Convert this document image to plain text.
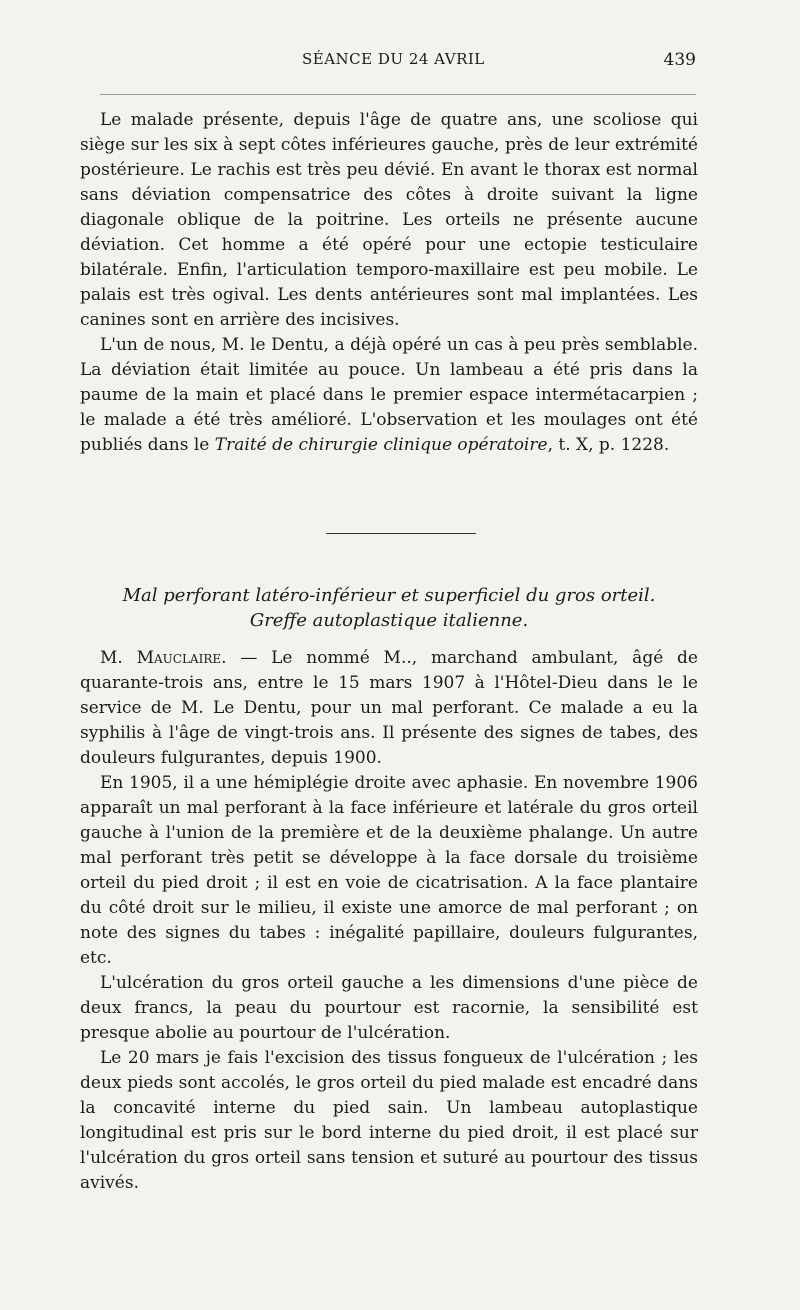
SÉANCE DU 24 AVRIL	439

Le malade présente, depuis l'âge de quatre ans, une scoliose qui siège sur les six à sept côtes inférieures gauche, près de leur extrémité postérieure. Le rachis est très peu dévié. En avant le thorax est normal sans déviation compensatrice des côtes à droite suivant la ligne diagonale oblique de la poitrine. Les orteils ne présente aucune déviation. Cet homme a été opéré pour une ectopie testiculaire bilatérale. Enfin, l'articulation temporo-maxillaire est peu mobile. Le palais est très ogival. Les dents antérieures sont mal implantées. Les canines sont en arrière des incisives.

L'un de nous, M. le Dentu, a déjà opéré un cas à peu près semblable. La déviation était limitée au pouce. Un lambeau a été pris dans la paume de la main et placé dans le premier espace intermétacarpien ; le malade a été très amélioré. L'observation et les moulages ont été publiés dans le Traité de chirurgie clinique opératoire, t. X, p. 1228.

Mal perforant latéro-inférieur et superficiel du gros orteil.
Greffe autoplastique italienne.

M. Mauclaire. — Le nommé M.., marchand ambulant, âgé de quarante-trois ans, entre le 15 mars 1907 à l'Hôtel-Dieu dans le le service de M. Le Dentu, pour un mal perforant. Ce malade a eu la syphilis à l'âge de vingt-trois ans. Il présente des signes de tabes, des douleurs fulgurantes, depuis 1900.

En 1905, il a une hémiplégie droite avec aphasie. En novembre 1906 apparaît un mal perforant à la face inférieure et latérale du gros orteil gauche à l'union de la première et de la deuxième phalange. Un autre mal perforant très petit se développe à la face dorsale du troisième orteil du pied droit ; il est en voie de cicatrisation. A la face plantaire du côté droit sur le milieu, il existe une amorce de mal perforant ; on note des signes du tabes : inégalité papillaire, douleurs fulgurantes, etc.

L'ulcération du gros orteil gauche a les dimensions d'une pièce de deux francs, la peau du pourtour est racornie, la sensibilité est presque abolie au pourtour de l'ulcération.

Le 20 mars je fais l'excision des tissus fongueux de l'ulcération ; les deux pieds sont accolés, le gros orteil du pied malade est encadré dans la concavité interne du pied sain. Un lambeau autoplastique longitudinal est pris sur le bord interne du pied droit, il est placé sur l'ulcération du gros orteil sans tension et suturé au pourtour des tissus avivés.
